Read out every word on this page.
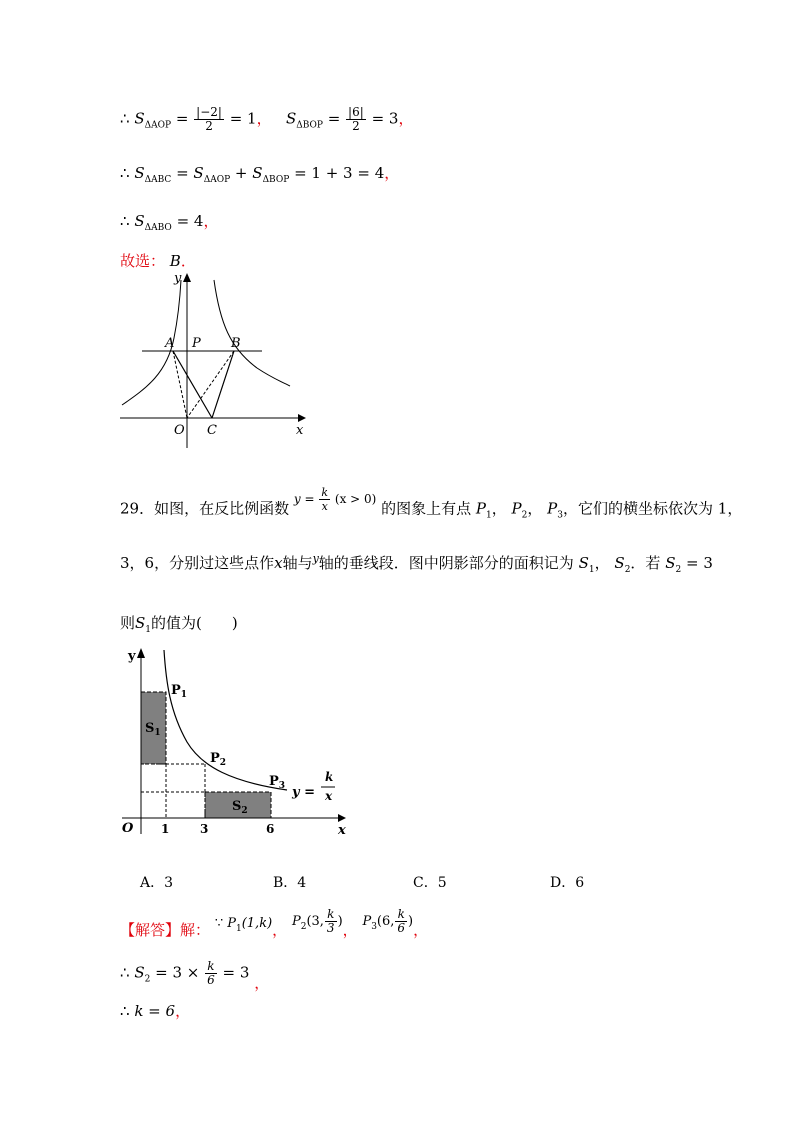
∴ $S_{\Delta AOP} = \frac{|-2|}{2} = 1$， $S_{\Delta BOP} = \frac{|6|}{2} = 3$，
∴ $S_{\Delta ABC} = S_{\Delta AOP} + S_{\Delta BOP} = 1 + 3 = 4$，
∴ $S_{\Delta ABO} = 4$，
故选： B．
y
x
A P B
O C
29．如图，在反比例函数 $y = \frac{k}{x} (x > 0)$ 的图象上有点 $P_1$， $P_2$， $P_3$，它们的横坐标依次为 1，
3，6，分别过这些点作x轴与$^y$轴的垂线段．图中阴影部分的面积记为 $S_1$， $S_2$．若 $S_2 = 3$
则$S_1$的值为(　　)
y
x
O 1	3	6
$P_1$
$P_2$
$P_3$
$S_1$
$S_2$
y =
k
x
A．3	B．4	C．5	D．6
【解答】解： ∵ $P_1(1,k)$， $P_2(3$, $\frac{k}{3}$ )， $P_3(6$, $\frac{k}{6}$ )，
∴ $S_2 = 3 \times \frac{k}{6} = 3$ ，
∴ k = 6，
